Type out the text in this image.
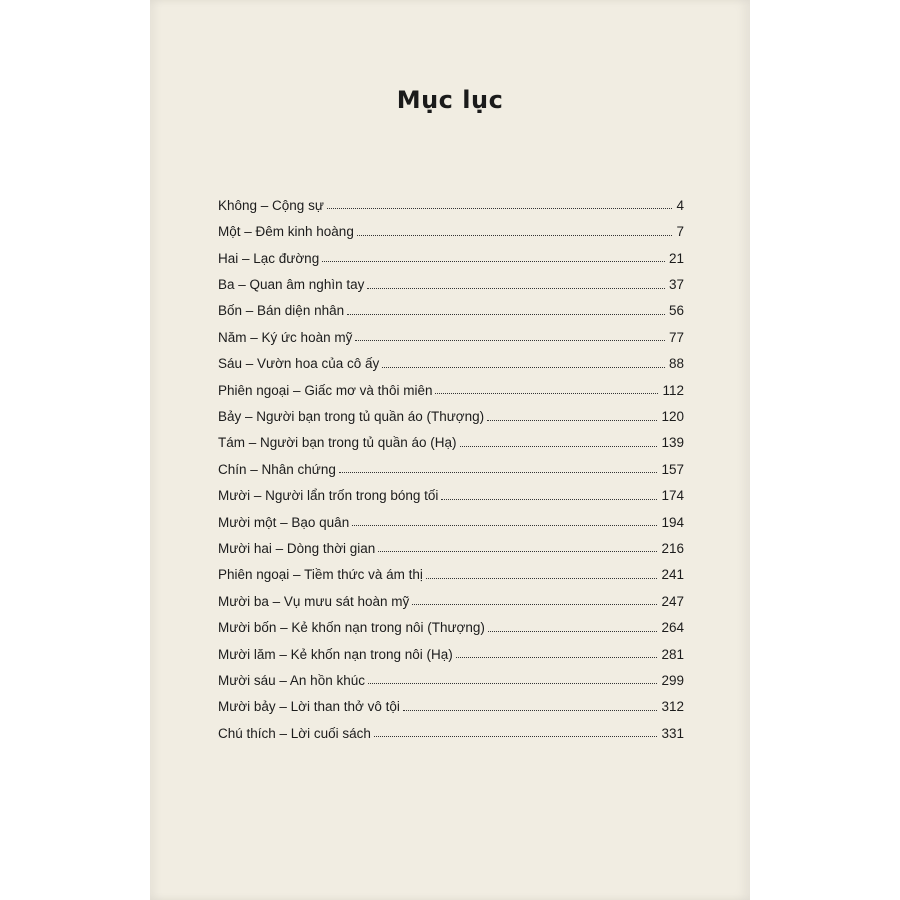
Mục lục
Không – Cộng sự	4
Một – Đêm kinh hoàng	7
Hai – Lạc đường	21
Ba – Quan âm nghìn tay	37
Bốn – Bán diện nhân	56
Năm – Ký ức hoàn mỹ	77
Sáu – Vườn hoa của cô ấy	88
Phiên ngoại – Giấc mơ và thôi miên	112
Bảy – Người bạn trong tủ quần áo (Thượng)	120
Tám – Người bạn trong tủ quần áo (Hạ)	139
Chín – Nhân chứng	157
Mười – Người lẩn trốn trong bóng tối	174
Mười một – Bạo quân	194
Mười hai – Dòng thời gian	216
Phiên ngoại – Tiềm thức và ám thị	241
Mười ba – Vụ mưu sát hoàn mỹ	247
Mười bốn – Kẻ khốn nạn trong nôi (Thượng)	264
Mười lăm – Kẻ khốn nạn trong nôi (Hạ)	281
Mười sáu – An hồn khúc	299
Mười bảy – Lời than thở vô tội	312
Chú thích – Lời cuối sách	331
